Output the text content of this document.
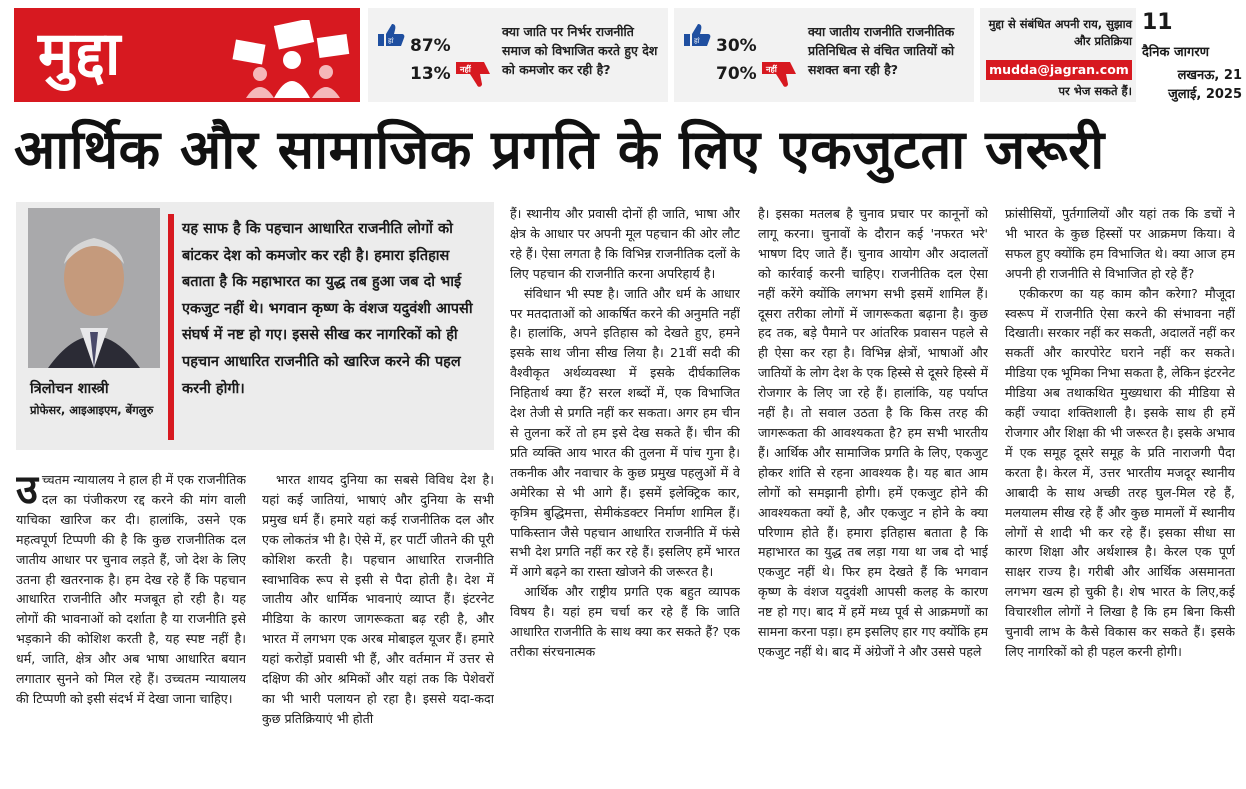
मुद्दा	हां 87%
13% नहीं
क्या जाति पर निर्भर राजनीति समाज को विभाजित करते हुए देश को कमजोर कर रही है?
हां 30%
70% नहीं
क्या जातीय राजनीति राजनीतिक प्रतिनिधित्व से वंचित जातियों को सशक्त बना रही है?
मुद्दा से संबंधित अपनी राय, सुझाव और प्रतिक्रिया
mudda@jagran.com
पर भेज सकते हैं।
11
दैनिक जागरण
लखनऊ, 21 जुलाई, 2025
आर्थिक और सामाजिक प्रगति के लिए एकजुटता जरूरी
त्रिलोचन शास्त्री
प्रोफेसर, आइआइएम, बेंगलुरु
यह साफ है कि पहचान आधारित राजनीति लोगों को बांटकर देश को कमजोर कर रही है। हमारा इतिहास बताता है कि महाभारत का युद्ध तब हुआ जब दो भाई एकजुट नहीं थे। भगवान कृष्ण के वंशज यदुवंशी आपसी संघर्ष में नष्ट हो गए। इससे सीख कर नागरिकों को ही पहचान आधारित राजनीति को खारिज करने की पहल करनी होगी।
उ च्चतम न्यायालय ने हाल ही में एक राजनीतिक दल का पंजीकरण रद्द करने की मांग वाली याचिका खारिज कर दी। हालांकि, उसने एक महत्वपूर्ण टिप्पणी की है कि कुछ राजनीतिक दल जातीय आधार पर चुनाव लड़ते हैं, जो देश के लिए उतना ही खतरनाक है। हम देख रहे हैं कि पहचान आधारित राजनीति और मजबूत हो रही है। यह लोगों की भावनाओं को दर्शाता है या राजनीति इसे भड़काने की कोशिश करती है, यह स्पष्ट नहीं है। धर्म, जाति, क्षेत्र और अब भाषा आधारित बयान लगातार सुनने को मिल रहे हैं। उच्चतम न्यायालय की टिप्पणी को इसी संदर्भ में देखा जाना चाहिए।

भारत शायद दुनिया का सबसे विविध देश है। यहां कई जातियां, भाषाएं और दुनिया के सभी प्रमुख धर्म हैं। हमारे यहां कई राजनीतिक दल और एक लोकतंत्र भी है। ऐसे में, हर पार्टी जीतने की पूरी कोशिश करती है। पहचान आधारित राजनीति स्वाभाविक रूप से इसी से पैदा होती है। देश में जातीय और धार्मिक भावनाएं व्याप्त हैं। इंटरनेट मीडिया के कारण जागरूकता बढ़ रही है, और भारत में लगभग एक अरब मोबाइल यूजर हैं। हमारे यहां करोड़ों प्रवासी भी हैं, और वर्तमान में उत्तर से दक्षिण की ओर श्रमिकों और यहां तक कि पेशेवरों का भी भारी पलायन हो रहा है। इससे यदा-कदा कुछ प्रतिक्रियाएं भी होती

हैं। स्थानीय और प्रवासी दोनों ही जाति, भाषा और क्षेत्र के आधार पर अपनी मूल पहचान की ओर लौट रहे हैं। ऐसा लगता है कि विभिन्न राजनीतिक दलों के लिए पहचान की राजनीति करना अपरिहार्य है।

संविधान भी स्पष्ट है। जाति और धर्म के आधार पर मतदाताओं को आकर्षित करने की अनुमति नहीं है। हालांकि, अपने इतिहास को देखते हुए, हमने इसके साथ जीना सीख लिया है। 21वीं सदी की वैश्वीकृत अर्थव्यवस्था में इसके दीर्घकालिक निहितार्थ क्या हैं? सरल शब्दों में, एक विभाजित देश तेजी से प्रगति नहीं कर सकता। अगर हम चीन से तुलना करें तो हम इसे देख सकते हैं। चीन की प्रति व्यक्ति आय भारत की तुलना में पांच गुना है। तकनीक और नवाचार के कुछ प्रमुख पहलुओं में वे अमेरिका से भी आगे हैं। इसमें इलेक्ट्रिक कार, कृत्रिम बुद्धिमत्ता, सेमीकंडक्टर निर्माण शामिल हैं। पाकिस्तान जैसे पहचान आधारित राजनीति में फंसे सभी देश प्रगति नहीं कर रहे हैं। इसलिए हमें भारत में आगे बढ़ने का रास्ता खोजने की जरूरत है।

आर्थिक और राष्ट्रीय प्रगति एक बहुत व्यापक विषय है। यहां हम चर्चा कर रहे हैं कि जाति आधारित राजनीति के साथ क्या कर सकते हैं? एक तरीका संरचनात्मक

है। इसका मतलब है चुनाव प्रचार पर कानूनों को लागू करना। चुनावों के दौरान कई 'नफरत भरे' भाषण दिए जाते हैं। चुनाव आयोग और अदालतों को कार्रवाई करनी चाहिए। राजनीतिक दल ऐसा नहीं करेंगे क्योंकि लगभग सभी इसमें शामिल हैं। दूसरा तरीका लोगों में जागरूकता बढ़ाना है। कुछ हद तक, बड़े पैमाने पर आंतरिक प्रवासन पहले से ही ऐसा कर रहा है। विभिन्न क्षेत्रों, भाषाओं और जातियों के लोग देश के एक हिस्से से दूसरे हिस्से में रोजगार के लिए जा रहे हैं। हालांकि, यह पर्याप्त नहीं है। तो सवाल उठता है कि किस तरह की जागरूकता की आवश्यकता है? हम सभी भारतीय हैं। आर्थिक और सामाजिक प्रगति के लिए, एकजुट होकर शांति से रहना आवश्यक है। यह बात आम लोगों को समझानी होगी। हमें एकजुट होने की आवश्यकता क्यों है, और एकजुट न होने के क्या परिणाम होते हैं। हमारा इतिहास बताता है कि महाभारत का युद्ध तब लड़ा गया था जब दो भाई एकजुट नहीं थे। फिर हम देखते हैं कि भगवान कृष्ण के वंशज यदुवंशी आपसी कलह के कारण नष्ट हो गए। बाद में हमें मध्य पूर्व से आक्रमणों का सामना करना पड़ा। हम इसलिए हार गए क्योंकि हम एकजुट नहीं थे। बाद में अंग्रेजों ने और उससे पहले

फ्रांसीसियों, पुर्तगालियों और यहां तक कि डचों ने भी भारत के कुछ हिस्सों पर आक्रमण किया। वे सफल हुए क्योंकि हम विभाजित थे। क्या आज हम अपनी ही राजनीति से विभाजित हो रहे हैं?

एकीकरण का यह काम कौन करेगा? मौजूदा स्वरूप में राजनीति ऐसा करने की संभावना नहीं दिखाती। सरकार नहीं कर सकती, अदालतें नहीं कर सकतीं और कारपोरेट घराने नहीं कर सकते। मीडिया एक भूमिका निभा सकता है, लेकिन इंटरनेट मीडिया अब तथाकथित मुख्यधारा की मीडिया से कहीं ज्यादा शक्तिशाली है। इसके साथ ही हमें रोजगार और शिक्षा की भी जरूरत है। इसके अभाव में एक समूह दूसरे समूह के प्रति नाराजगी पैदा करता है। केरल में, उत्तर भारतीय मजदूर स्थानीय आबादी के साथ अच्छी तरह घुल-मिल रहे हैं, मलयालम सीख रहे हैं और कुछ मामलों में स्थानीय लोगों से शादी भी कर रहे हैं। इसका सीधा सा कारण शिक्षा और अर्थशास्त्र है। केरल एक पूर्ण साक्षर राज्य है। गरीबी और आर्थिक असमानता लगभग खत्म हो चुकी है। शेष भारत के लिए,कई विचारशील लोगों ने लिखा है कि हम बिना किसी चुनावी लाभ के कैसे विकास कर सकते हैं। इसके लिए नागरिकों को ही पहल करनी होगी।
